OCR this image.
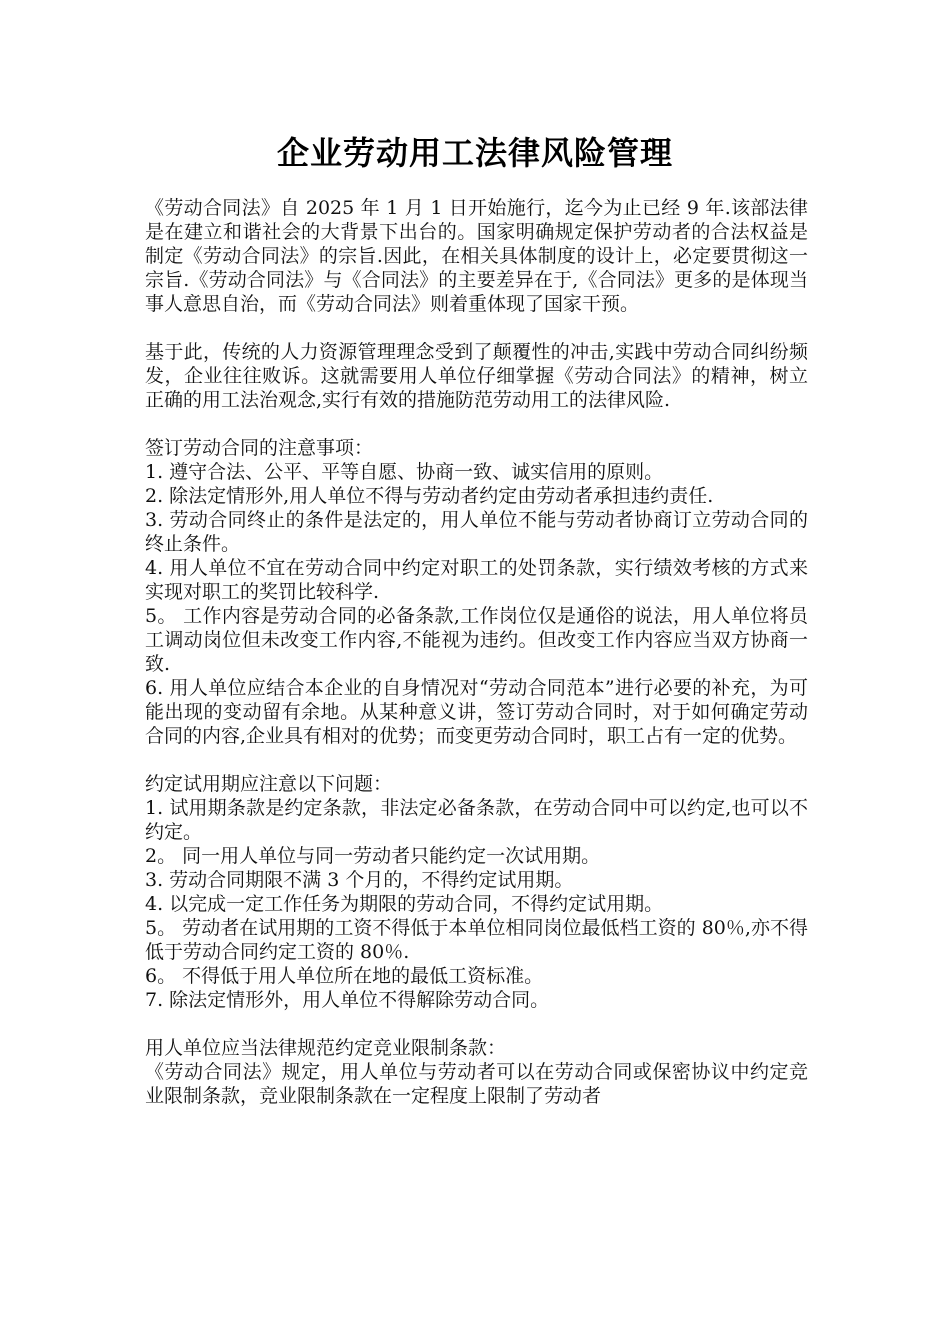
企业劳动用工法律风险管理

《劳动合同法》自 2025 年 1 月 1 日开始施行，迄今为止已经 9 年.该部法律是在建立和谐社会的大背景下出台的。国家明确规定保护劳动者的合法权益是制定《劳动合同法》的宗旨.因此，在相关具体制度的设计上，必定要贯彻这一宗旨.《劳动合同法》与《合同法》的主要差异在于,《合同法》更多的是体现当事人意思自治，而《劳动合同法》则着重体现了国家干预。

基于此，传统的人力资源管理理念受到了颠覆性的冲击,实践中劳动合同纠纷频发，企业往往败诉。这就需要用人单位仔细掌握《劳动合同法》的精神，树立正确的用工法治观念,实行有效的措施防范劳动用工的法律风险.

签订劳动合同的注意事项：

1. 遵守合法、公平、平等自愿、协商一致、诚实信用的原则。

2. 除法定情形外,用人单位不得与劳动者约定由劳动者承担违约责任.

3. 劳动合同终止的条件是法定的，用人单位不能与劳动者协商订立劳动合同的终止条件。

4. 用人单位不宜在劳动合同中约定对职工的处罚条款，实行绩效考核的方式来实现对职工的奖罚比较科学.

5。 工作内容是劳动合同的必备条款,工作岗位仅是通俗的说法，用人单位将员工调动岗位但未改变工作内容,不能视为违约。但改变工作内容应当双方协商一致.

6. 用人单位应结合本企业的自身情况对“劳动合同范本”进行必要的补充，为可能出现的变动留有余地。从某种意义讲，签订劳动合同时，对于如何确定劳动合同的内容,企业具有相对的优势；而变更劳动合同时，职工占有一定的优势。

约定试用期应注意以下问题：

1. 试用期条款是约定条款，非法定必备条款，在劳动合同中可以约定,也可以不约定。

2。 同一用人单位与同一劳动者只能约定一次试用期。

3. 劳动合同期限不满 3 个月的，不得约定试用期。

4. 以完成一定工作任务为期限的劳动合同，不得约定试用期。

5。 劳动者在试用期的工资不得低于本单位相同岗位最低档工资的 80％,亦不得低于劳动合同约定工资的 80％.

6。 不得低于用人单位所在地的最低工资标准。

7. 除法定情形外，用人单位不得解除劳动合同。

用人单位应当法律规范约定竞业限制条款：

《劳动合同法》规定，用人单位与劳动者可以在劳动合同或保密协议中约定竞业限制条款，竞业限制条款在一定程度上限制了劳动者
